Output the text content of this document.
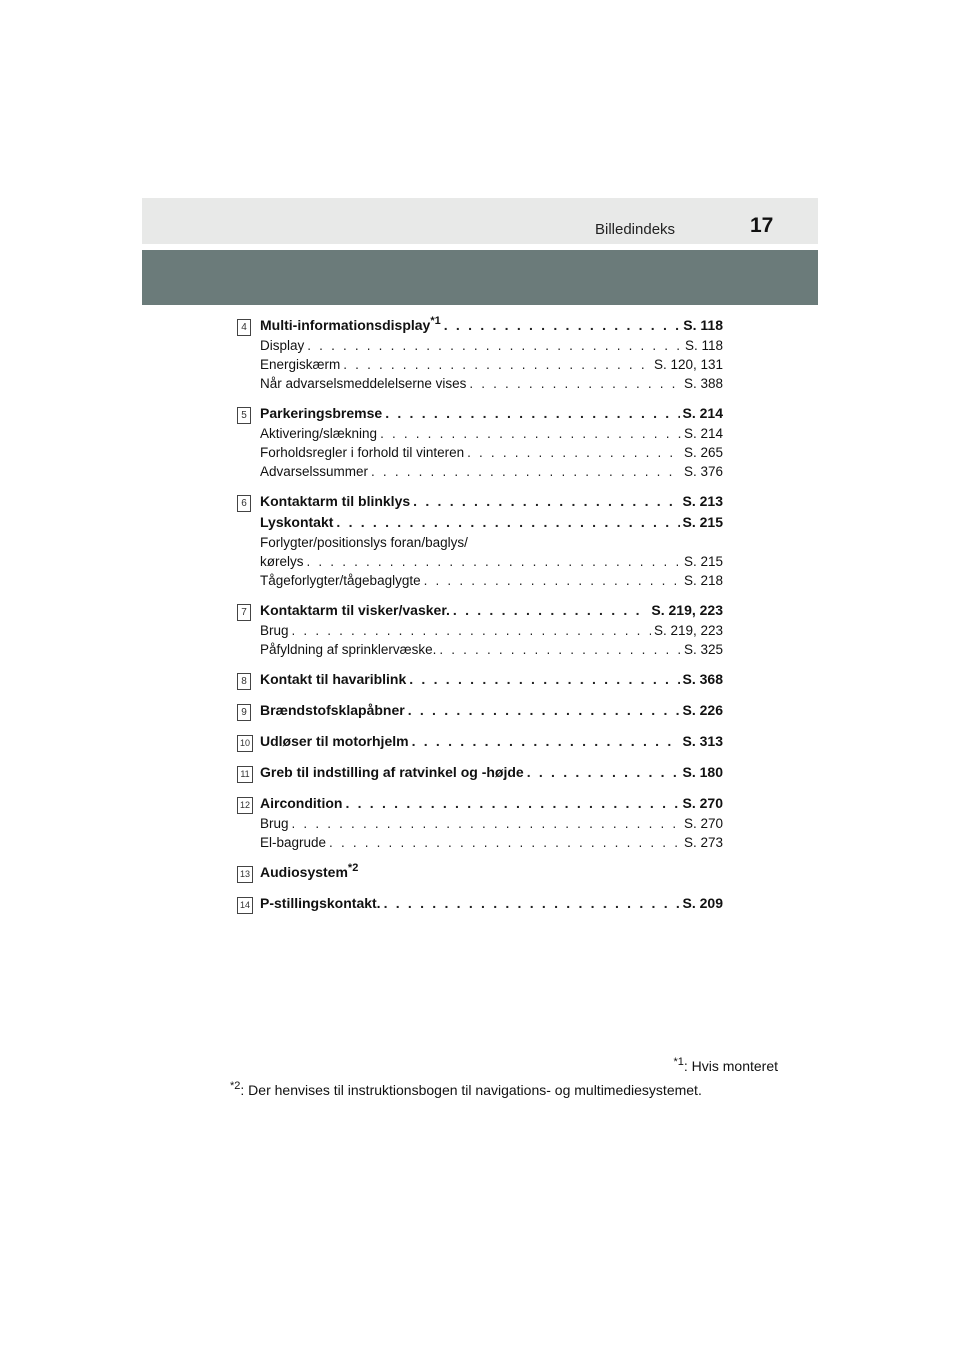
Billedindeks	17
4 Multi-informationsdisplay$^{*1}$ . . .	S. 118
Display . . .	S. 118
Energiskærm . . .	S. 120, 131
Når advarselsmeddelelserne vises . . .	S. 388
5 Parkeringsbremse . . .	S. 214
Aktivering/slækning . . .	S. 214
Forholdsregler i forhold til vinteren . . .	S. 265
Advarselssummer . . .	S. 376
6 Kontaktarm til blinklys . . .	S. 213
Lyskontakt . . .	S. 215
Forlygter/positionslys foran/baglys/
kørelys . . .	S. 215
Tågeforlygter/tågebaglygte . . .	S. 218
7 Kontaktarm til visker/vasker. . . .	S. 219, 223
Brug . . .	S. 219, 223
Påfyldning af sprinklervæske. . . .	S. 325
8 Kontakt til havariblink . . .	S. 368
9 Brændstofsklapåbner . . .	S. 226
10 Udløser til motorhjelm . . .	S. 313
11 Greb til indstilling af ratvinkel og -højde . . .	S. 180
12 Aircondition . . .	S. 270
Brug . . .	S. 270
El-bagrude . . .	S. 273
13 Audiosystem$^{*2}$
14 P-stillingskontakt. . . .	S. 209
$^{*1}$: Hvis monteret
$^{*2}$: Der henvises til instruktionsbogen til navigations- og multimediesystemet.
